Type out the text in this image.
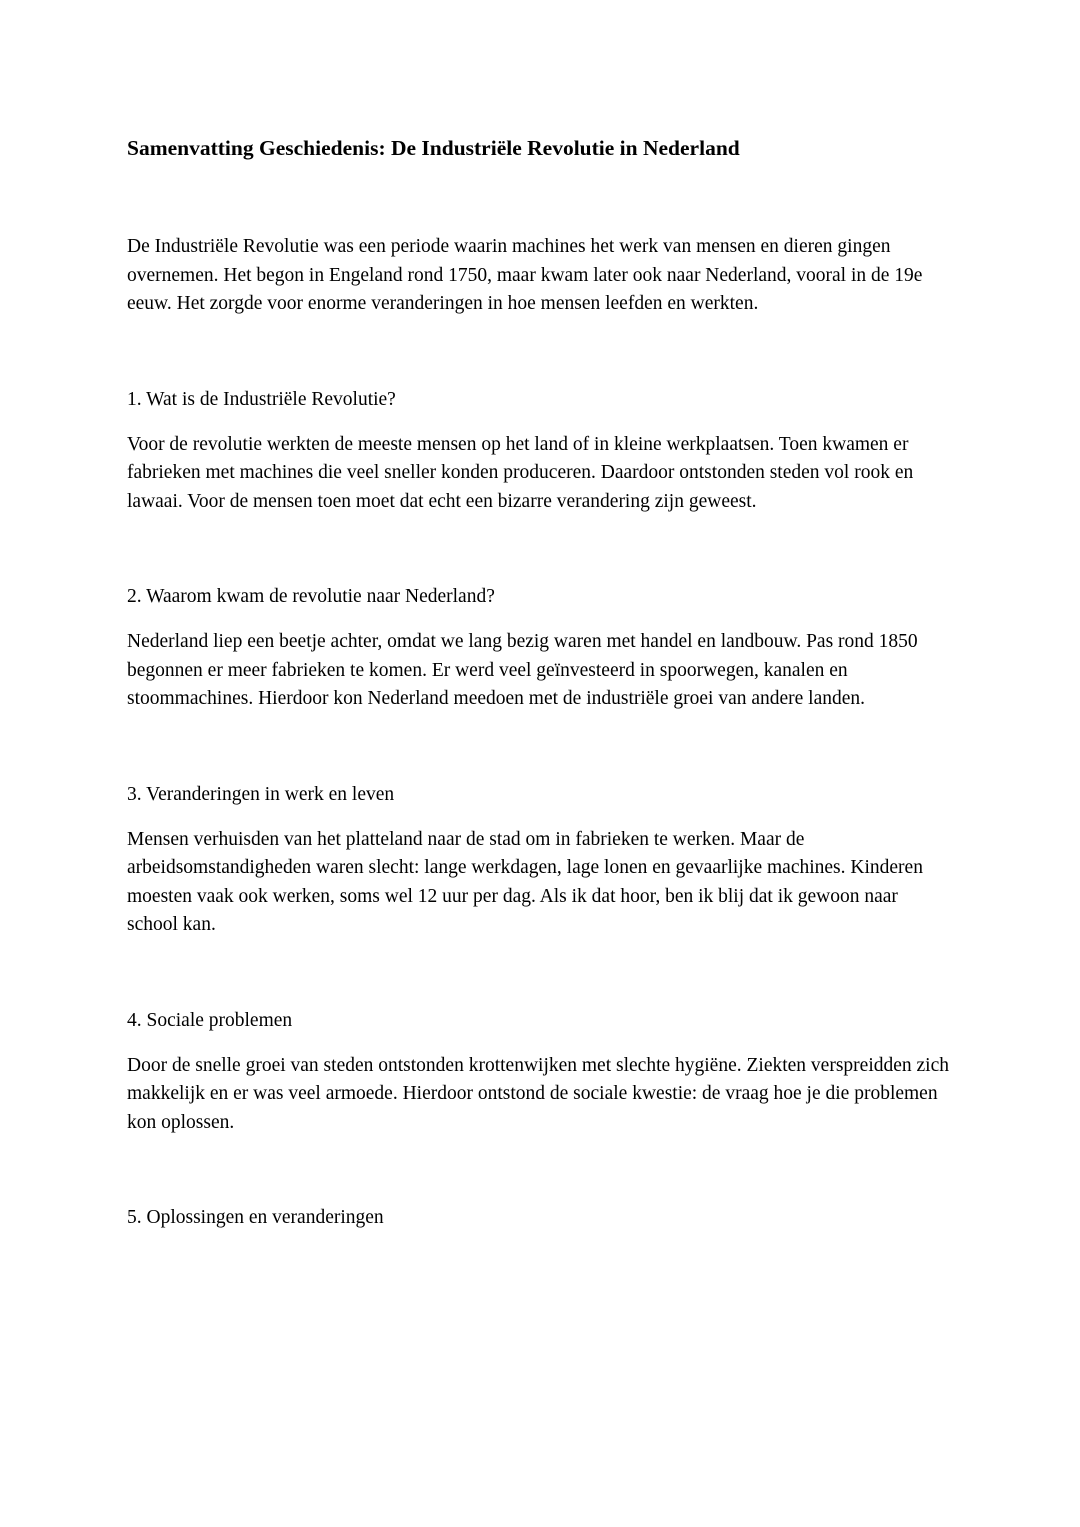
Samenvatting Geschiedenis: De Industriële Revolutie in Nederland

De Industriële Revolutie was een periode waarin machines het werk van mensen en dieren gingen overnemen. Het begon in Engeland rond 1750, maar kwam later ook naar Nederland, vooral in de 19e eeuw. Het zorgde voor enorme veranderingen in hoe mensen leefden en werkten.

1. Wat is de Industriële Revolutie?

Voor de revolutie werkten de meeste mensen op het land of in kleine werkplaatsen. Toen kwamen er fabrieken met machines die veel sneller konden produceren. Daardoor ontstonden steden vol rook en lawaai. Voor de mensen toen moet dat echt een bizarre verandering zijn geweest.

2. Waarom kwam de revolutie naar Nederland?

Nederland liep een beetje achter, omdat we lang bezig waren met handel en landbouw. Pas rond 1850 begonnen er meer fabrieken te komen. Er werd veel geïnvesteerd in spoorwegen, kanalen en stoommachines. Hierdoor kon Nederland meedoen met de industriële groei van andere landen.

3. Veranderingen in werk en leven

Mensen verhuisden van het platteland naar de stad om in fabrieken te werken. Maar de arbeidsomstandigheden waren slecht: lange werkdagen, lage lonen en gevaarlijke machines. Kinderen moesten vaak ook werken, soms wel 12 uur per dag. Als ik dat hoor, ben ik blij dat ik gewoon naar school kan.

4. Sociale problemen

Door de snelle groei van steden ontstonden krottenwijken met slechte hygiëne. Ziekten verspreidden zich makkelijk en er was veel armoede. Hierdoor ontstond de sociale kwestie: de vraag hoe je die problemen kon oplossen.

5. Oplossingen en veranderingen
